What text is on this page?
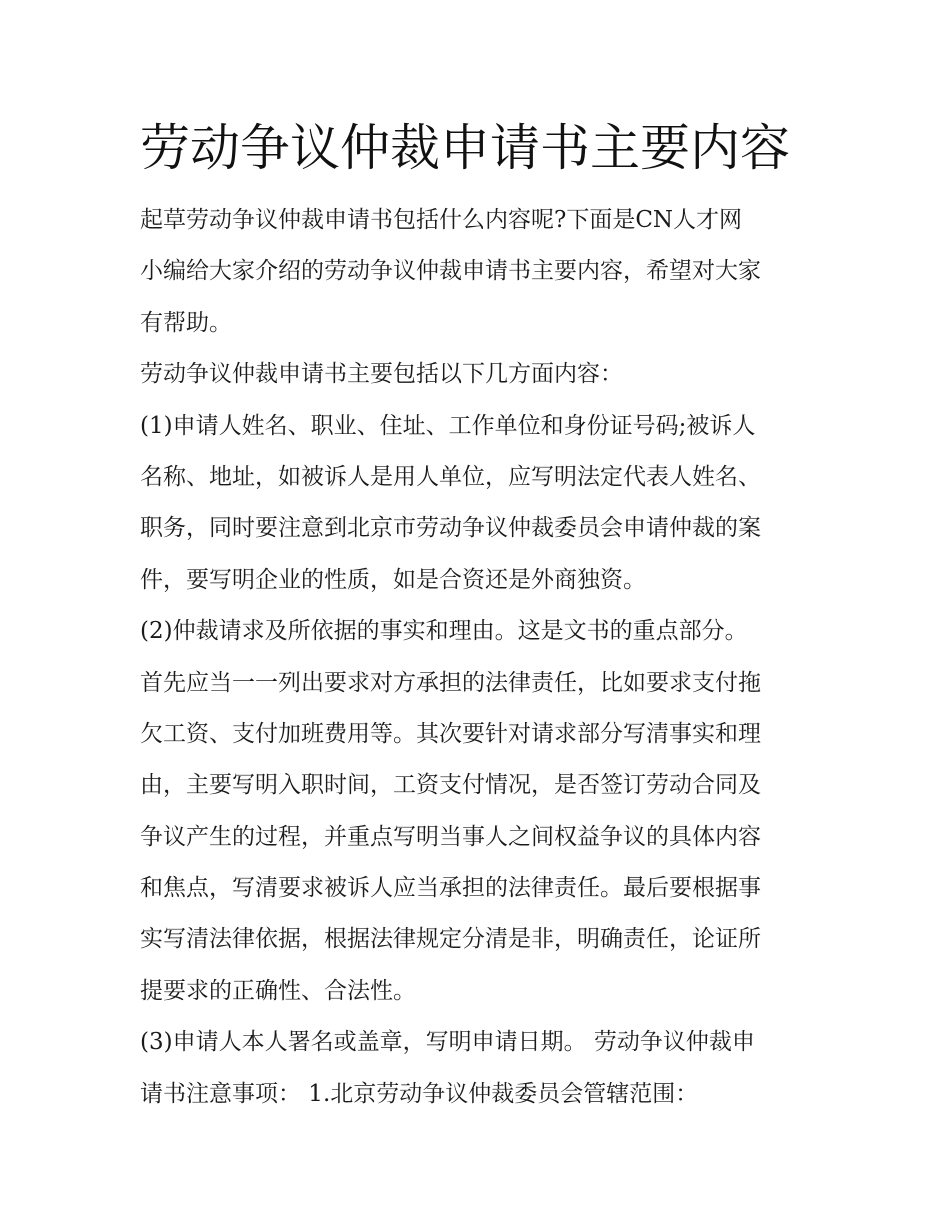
劳动争议仲裁申请书主要内容

起草劳动争议仲裁申请书包括什么内容呢?下面是CN人才网

小编给大家介绍的劳动争议仲裁申请书主要内容，希望对大家

有帮助。

劳动争议仲裁申请书主要包括以下几方面内容：

(1)申请人姓名、职业、住址、工作单位和身份证号码;被诉人

名称、地址，如被诉人是用人单位，应写明法定代表人姓名、

职务，同时要注意到北京市劳动争议仲裁委员会申请仲裁的案

件，要写明企业的性质，如是合资还是外商独资。

(2)仲裁请求及所依据的事实和理由。这是文书的重点部分。

首先应当一一列出要求对方承担的法律责任，比如要求支付拖

欠工资、支付加班费用等。其次要针对请求部分写清事实和理

由，主要写明入职时间，工资支付情况，是否签订劳动合同及

争议产生的过程，并重点写明当事人之间权益争议的具体内容

和焦点，写清要求被诉人应当承担的法律责任。最后要根据事

实写清法律依据，根据法律规定分清是非，明确责任，论证所

提要求的正确性、合法性。

(3)申请人本人署名或盖章，写明申请日期。 劳动争议仲裁申

请书注意事项： 1.北京劳动争议仲裁委员会管辖范围：
